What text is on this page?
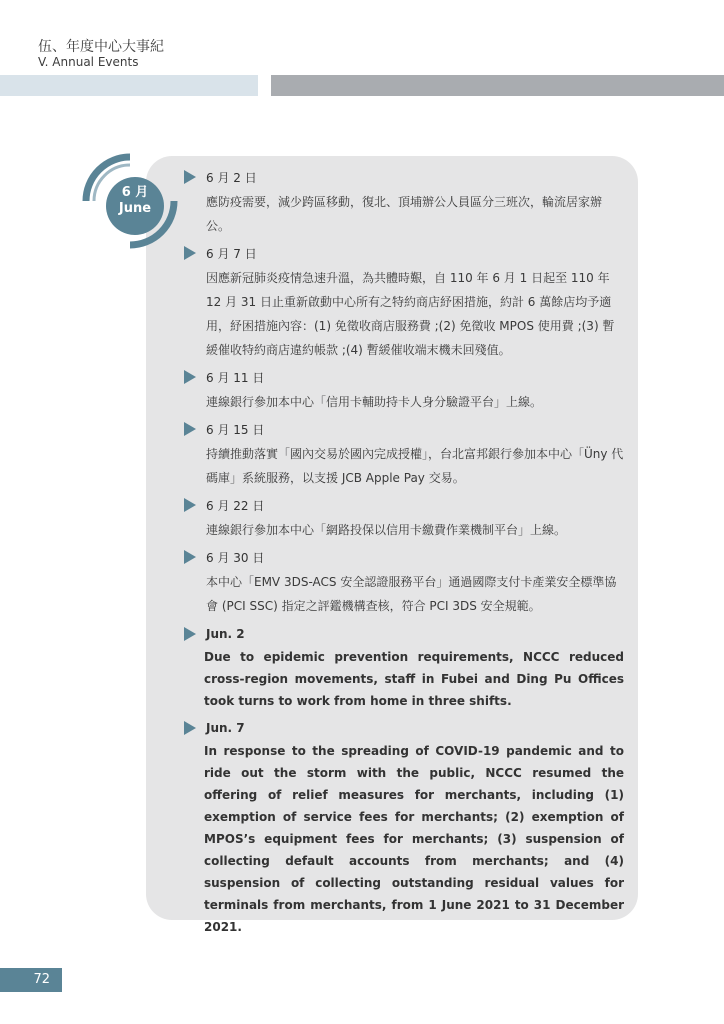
伍、年度中心大事紀
V. Annual Events
6 月
June
6 月 2 日
應防疫需要，減少跨區移動，復北、頂埔辦公人員區分三班次，輪流居家辦公。
6 月 7 日
因應新冠肺炎疫情急速升溫，為共體時艱，自 110 年 6 月 1 日起至 110 年 12 月 31 日止重新啟動中心所有之特約商店紓困措施，約計 6 萬餘店均予適用，紓困措施內容：(1) 免徵收商店服務費 ;(2) 免徵收 MPOS 使用費 ;(3) 暫緩催收特約商店違約帳款 ;(4) 暫緩催收端末機未回殘值。
6 月 11 日
連線銀行參加本中心「信用卡輔助持卡人身分驗證平台」上線。
6 月 15 日
持續推動落實「國內交易於國內完成授權」，台北富邦銀行參加本中心「Üny 代碼庫」系統服務，以支援 JCB Apple Pay 交易。
6 月 22 日
連線銀行參加本中心「網路投保以信用卡繳費作業機制平台」上線。
6 月 30 日
本中心「EMV 3DS-ACS 安全認證服務平台」通過國際支付卡產業安全標準協會 (PCI SSC) 指定之評鑑機構查核，符合 PCI 3DS 安全規範。
Jun. 2
Due to epidemic prevention requirements, NCCC reduced cross-region movements, staff in Fubei and Ding Pu Offices took turns to work from home in three shifts.
Jun. 7
In response to the spreading of COVID-19 pandemic and to ride out the storm with the public, NCCC resumed the offering of relief measures for merchants, including (1) exemption of service fees for merchants; (2) exemption of MPOS’s equipment fees for merchants; (3) suspension of collecting default accounts from merchants; and (4) suspension of collecting outstanding residual values for terminals from merchants, from 1 June 2021 to 31 December 2021.
72
